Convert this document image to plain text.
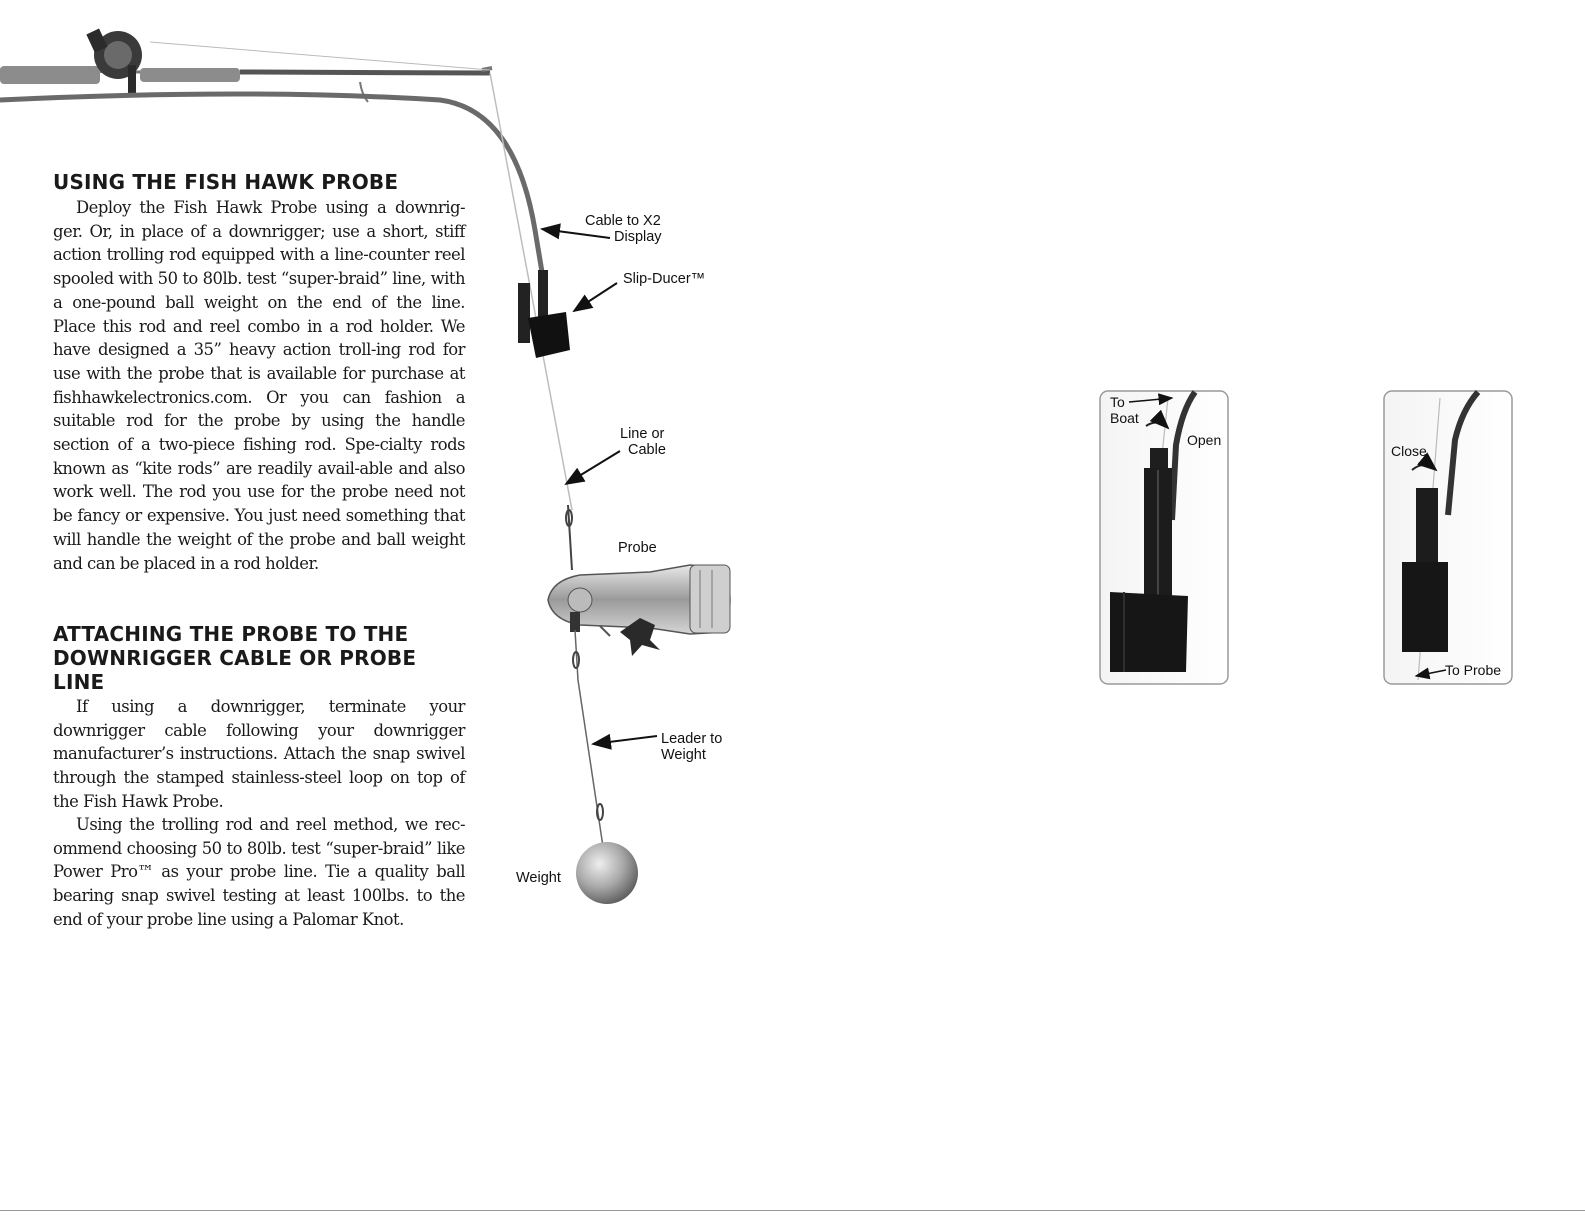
USING THE FISH HAWK PROBE

Deploy the Fish Hawk Probe using a downrig-ger. Or, in place of a downrigger; use a short, stiff action trolling rod equipped with a line-counter reel spooled with 50 to 80lb. test “super-braid” line, with a one-pound ball weight on the end of the line. Place this rod and reel combo in a rod holder. We have designed a 35” heavy action troll-ing rod for use with the probe that is available for purchase at fishhawkelectronics.com. Or you can fashion a suitable rod for the probe by using the handle section of a two-piece fishing rod. Spe-cialty rods known as “kite rods” are readily avail-able and also work well. The rod you use for the probe need not be fancy or expensive. You just need something that will handle the weight of the probe and ball weight and can be placed in a rod holder.

ATTACHING THE PROBE TO THE DOWNRIGGER CABLE OR PROBE LINE

If using a downrigger, terminate your downrigger cable following your downrigger manufacturer’s instructions. Attach the snap swivel through the stamped stainless-steel loop on top of the Fish Hawk Probe.

Using the trolling rod and reel method, we rec-ommend choosing 50 to 80lb. test “super-braid” like Power Pro™ as your probe line. Tie a quality ball bearing snap swivel testing at least 100lbs. to the end of your probe line using a Palomar Knot.

Cable to X2
Display
Slip-Ducer™
Line or
Cable
Probe
Leader to
Weight
Weight
To
Boat
Open
Close
To Probe
